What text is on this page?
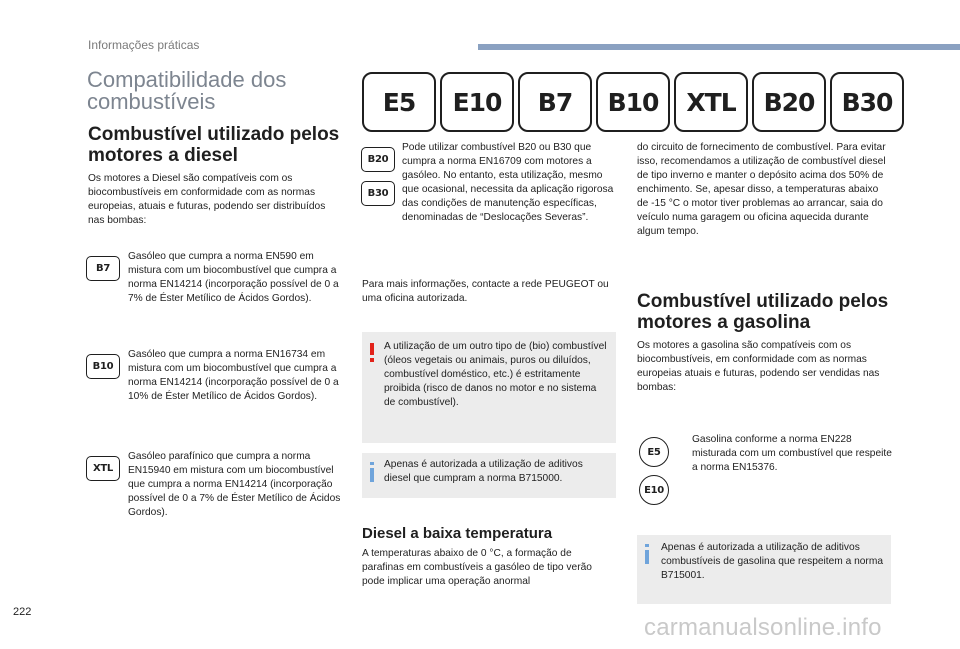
Informações práticas
Compatibilidade dos combustíveis	E5	E10	B7	B10	XTL	B20	B30
Combustível utilizado pelos motores a diesel
Os motores a Diesel são compatíveis com os biocombustíveis em conformidade com as normas europeias, atuais e futuras, podendo ser distribuídos nas bombas:
B7
Gasóleo que cumpra a norma EN590 em mistura com um biocombustível que cumpra a norma EN14214 (incorporação possível de 0 a 7% de Éster Metílico de Ácidos Gordos).
B10
Gasóleo que cumpra a norma EN16734 em mistura com um biocombustível que cumpra a norma EN14214 (incorporação possível de 0 a 10% de Éster Metílico de Ácidos Gordos).
XTL
Gasóleo parafínico que cumpra a norma EN15940 em mistura com um biocombustível que cumpra a norma EN14214 (incorporação possível de 0 a 7% de Éster Metílico de Ácidos Gordos).
B20
B30
Pode utilizar combustível B20 ou B30 que cumpra a norma EN16709 com motores a gasóleo. No entanto, esta utilização, mesmo que ocasional, necessita da aplicação rigorosa das condições de manutenção específicas, denominadas de “Deslocações Severas”.
Para mais informações, contacte a rede PEUGEOT ou uma oficina autorizada.
A utilização de um outro tipo de (bio) combustível (óleos vegetais ou animais, puros ou diluídos, combustível doméstico, etc.) é estritamente proibida (risco de danos no motor e no sistema de combustível).
Apenas é autorizada a utilização de aditivos diesel que cumpram a norma B715000.
Diesel a baixa temperatura
A temperaturas abaixo de 0 °C, a formação de parafinas em combustíveis a gasóleo de tipo verão pode implicar uma operação anormal
do circuito de fornecimento de combustível. Para evitar isso, recomendamos a utilização de combustível diesel de tipo inverno e manter o depósito acima dos 50% de enchimento. Se, apesar disso, a temperaturas abaixo de -15 °C o motor tiver problemas ao arrancar, saia do veículo numa garagem ou oficina aquecida durante algum tempo.
Combustível utilizado pelos motores a gasolina
Os motores a gasolina são compatíveis com os biocombustíveis, em conformidade com as normas europeias atuais e futuras, podendo ser vendidas nas bombas:
E5
E10
Gasolina conforme a norma EN228 misturada com um combustível que respeite a norma EN15376.
Apenas é autorizada a utilização de aditivos combustíveis de gasolina que respeitem a norma B715001.
222
carmanualsonline.info
